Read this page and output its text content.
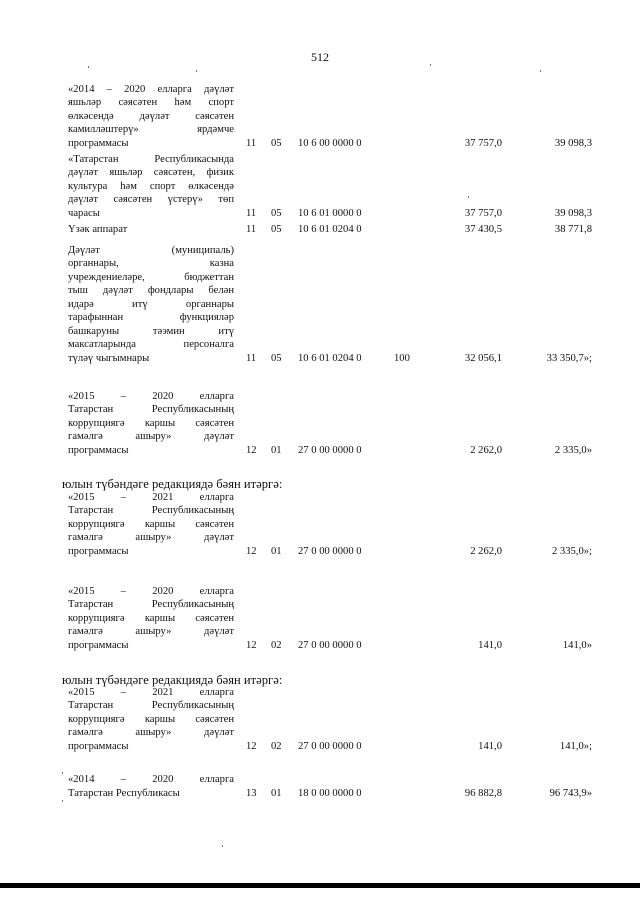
512
«2014 – 2020 елларга дәүләт
яшьләр сәясәтен һәм спорт
өлкәсендә дәүләт сәясәтен
камилләштерү» ярдәмче
программасы	11 05 10 6 00 0000 0	37 757,0	39 098,3
«Татарстан Республикасында
дәүләт яшьләр сәясәтен, физик
культура һәм спорт өлкәсендә
дәүләт сәясәтен үстерү» төп
чарасы	11 05 10 6 01 0000 0	37 757,0	39 098,3
Үзәк аппарат	11 05 10 6 01 0204 0	37 430,5	38 771,8
Дәүләт (муниципаль)
органнары, казна
учреждениеләре, бюджеттан
тыш дәүләт фондлары белән
идарә итү органнары
тарафыннан функцияләр
башкаруны тәэмин итү
максатларында персоналга
түләү чыгымнары	11 05 10 6 01 0204 0	100	32 056,1	33 350,7»;
«2015 – 2020 елларга
Татарстан Республикасының
коррупциягә каршы сәясәтен
гамәлгә ашыру» дәүләт
программасы	12 01 27 0 00 0000 0	2 262,0	2 335,0»
«2015 – 2021 елларга
Татарстан Республикасының
коррупциягә каршы сәясәтен
гамәлгә ашыру» дәүләт
программасы	12 01 27 0 00 0000 0	2 262,0	2 335,0»;
«2015 – 2020 елларга
Татарстан Республикасының
коррупциягә каршы сәясәтен
гамәлгә ашыру» дәүләт
программасы	12 02 27 0 00 0000 0	141,0	141,0»
«2015 – 2021 елларга
Татарстан Республикасының
коррупциягә каршы сәясәтен
гамәлгә ашыру» дәүләт
программасы	12 02 27 0 00 0000 0	141,0	141,0»;
«2014 – 2020 елларга
Татарстан Республикасы	13 01 18 0 00 0000 0	96 882,8	96 743,9»
юлын түбәндәге редакциядә бәян итәргә:
юлын түбәндәге редакциядә бәян итәргә:
